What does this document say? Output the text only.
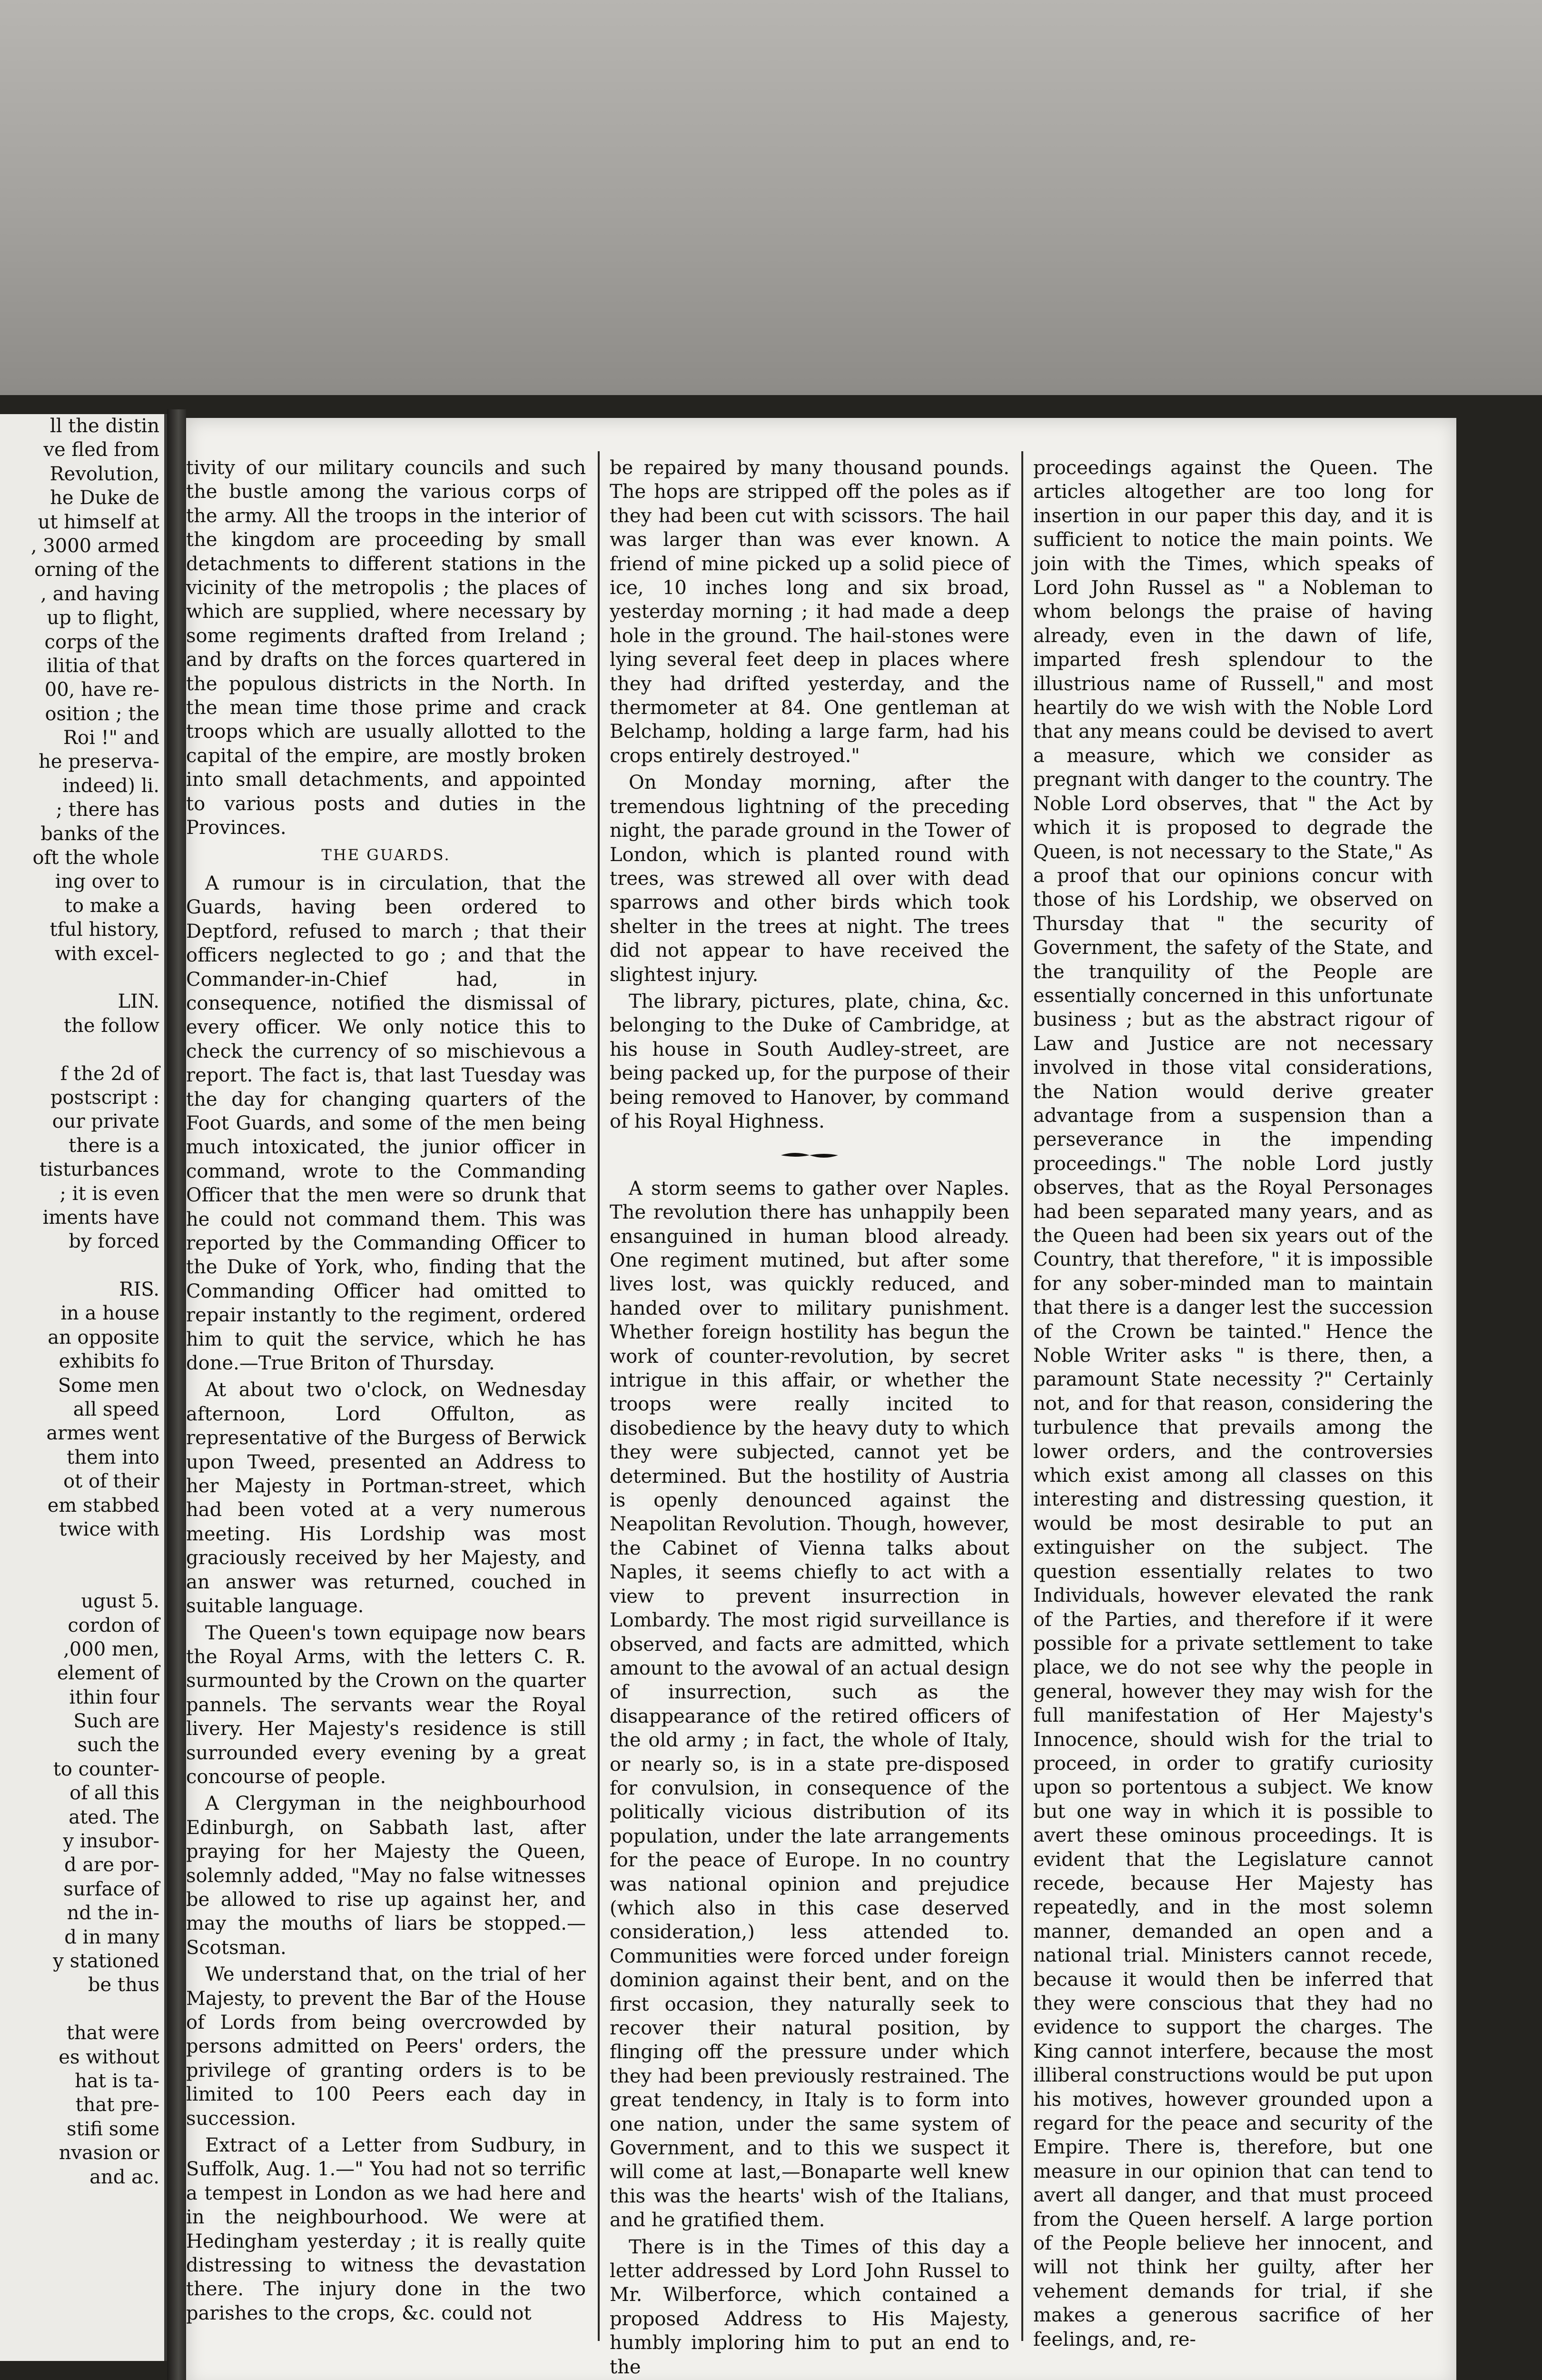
ll the distin
ve fled from
Revolution,
he Duke de
ut himself at
, 3000 armed
orning of the
, and having
up to flight,
corps of the
ilitia of that
00, have re-
osition ; the
Roi !" and
he preserva-
indeed) li.
; there has
banks of the
oft the whole
ing over to
to make a
tful history,
with excel-
LIN.
the follow
f the 2d of
postscript :
our private
there is a
tisturbances
; it is even
iments have
by forced
RIS.
in a house
an opposite
exhibits fo
Some men
all speed
armes went
them into
ot of their
em stabbed
twice with
ugust 5.
cordon of
,000 men,
element of
ithin four
Such are
such the
to counter-
of all this
ated. The
y insubor-
d are por-
surface of
nd the in-
d in many
y stationed
be thus
that were
es without
hat is ta-
that pre-
stifi some
nvasion or
and ac.

tivity of our military councils and such the bustle among the various corps of the army. All the troops in the interior of the kingdom are proceeding by small detachments to different stations in the vicinity of the metropolis ; the places of which are supplied, where necessary by some regiments drafted from Ireland ; and by drafts on the forces quartered in the populous districts in the North. In the mean time those prime and crack troops which are usually allotted to the capital of the empire, are mostly broken into small detachments, and appointed to various posts and duties in the Provinces.

THE GUARDS.

A rumour is in circulation, that the Guards, having been ordered to Deptford, refused to march ; that their officers neglected to go ; and that the Commander-in-Chief had, in consequence, notified the dismissal of every officer. We only notice this to check the currency of so mischievous a report. The fact is, that last Tuesday was the day for changing quarters of the Foot Guards, and some of the men being much intoxicated, the junior officer in command, wrote to the Commanding Officer that the men were so drunk that he could not command them. This was reported by the Commanding Officer to the Duke of York, who, finding that the Commanding Officer had omitted to repair instantly to the regiment, ordered him to quit the service, which he has done.—True Briton of Thursday.

At about two o'clock, on Wednesday afternoon, Lord Offulton, as representative of the Burgess of Berwick upon Tweed, presented an Address to her Majesty in Portman-street, which had been voted at a very numerous meeting. His Lordship was most graciously received by her Majesty, and an answer was returned, couched in suitable language.

The Queen's town equipage now bears the Royal Arms, with the letters C. R. surmounted by the Crown on the quarter pannels. The servants wear the Royal livery. Her Majesty's residence is still surrounded every evening by a great concourse of people.

A Clergyman in the neighbourhood Edinburgh, on Sabbath last, after praying for her Majesty the Queen, solemnly added, "May no false witnesses be allowed to rise up against her, and may the mouths of liars be stopped.—Scotsman.

We understand that, on the trial of her Majesty, to prevent the Bar of the House of Lords from being overcrowded by persons admitted on Peers' orders, the privilege of granting orders is to be limited to 100 Peers each day in succession.

Extract of a Letter from Sudbury, in Suffolk, Aug. 1.—" You had not so terrific a tempest in London as we had here and in the neighbourhood. We were at Hedingham yesterday ; it is really quite distressing to witness the devastation there. The injury done in the two parishes to the crops, &c. could not

be repaired by many thousand pounds. The hops are stripped off the poles as if they had been cut with scissors. The hail was larger than was ever known. A friend of mine picked up a solid piece of ice, 10 inches long and six broad, yesterday morning ; it had made a deep hole in the ground. The hail-stones were lying several feet deep in places where they had drifted yesterday, and the thermometer at 84. One gentleman at Belchamp, holding a large farm, had his crops entirely destroyed."

On Monday morning, after the tremendous lightning of the preceding night, the parade ground in the Tower of London, which is planted round with trees, was strewed all over with dead sparrows and other birds which took shelter in the trees at night. The trees did not appear to have received the slightest injury.

The library, pictures, plate, china, &c. belonging to the Duke of Cambridge, at his house in South Audley-street, are being packed up, for the purpose of their being removed to Hanover, by command of his Royal Highness.

A storm seems to gather over Naples. The revolution there has unhappily been ensanguined in human blood already. One regiment mutined, but after some lives lost, was quickly reduced, and handed over to military punishment. Whether foreign hostility has begun the work of counter-revolution, by secret intrigue in this affair, or whether the troops were really incited to disobedience by the heavy duty to which they were subjected, cannot yet be determined. But the hostility of Austria is openly denounced against the Neapolitan Revolution. Though, however, the Cabinet of Vienna talks about Naples, it seems chiefly to act with a view to prevent insurrection in Lombardy. The most rigid surveillance is observed, and facts are admitted, which amount to the avowal of an actual design of insurrection, such as the disappearance of the retired officers of the old army ; in fact, the whole of Italy, or nearly so, is in a state pre-disposed for convulsion, in consequence of the politically vicious distribution of its population, under the late arrangements for the peace of Europe. In no country was national opinion and prejudice (which also in this case deserved consideration,) less attended to. Communities were forced under foreign dominion against their bent, and on the first occasion, they naturally seek to recover their natural position, by flinging off the pressure under which they had been previously restrained. The great tendency, in Italy is to form into one nation, under the same system of Government, and to this we suspect it will come at last,—Bonaparte well knew this was the hearts' wish of the Italians, and he gratified them.

There is in the Times of this day a letter addressed by Lord John Russel to Mr. Wilberforce, which contained a proposed Address to His Majesty, humbly imploring him to put an end to the

proceedings against the Queen. The articles altogether are too long for insertion in our paper this day, and it is sufficient to notice the main points. We join with the Times, which speaks of Lord John Russel as " a Nobleman to whom belongs the praise of having already, even in the dawn of life, imparted fresh splendour to the illustrious name of Russell," and most heartily do we wish with the Noble Lord that any means could be devised to avert a measure, which we consider as pregnant with danger to the country. The Noble Lord observes, that " the Act by which it is proposed to degrade the Queen, is not necessary to the State," As a proof that our opinions concur with those of his Lordship, we observed on Thursday that " the security of Government, the safety of the State, and the tranquility of the People are essentially concerned in this unfortunate business ; but as the abstract rigour of Law and Justice are not necessary involved in those vital considerations, the Nation would derive greater advantage from a suspension than a perseverance in the impending proceedings." The noble Lord justly observes, that as the Royal Personages had been separated many years, and as the Queen had been six years out of the Country, that therefore, " it is impossible for any sober-minded man to maintain that there is a danger lest the succession of the Crown be tainted." Hence the Noble Writer asks " is there, then, a paramount State necessity ?" Certainly not, and for that reason, considering the turbulence that prevails among the lower orders, and the controversies which exist among all classes on this interesting and distressing question, it would be most desirable to put an extinguisher on the subject. The question essentially relates to two Individuals, however elevated the rank of the Parties, and therefore if it were possible for a private settlement to take place, we do not see why the people in general, however they may wish for the full manifestation of Her Majesty's Innocence, should wish for the trial to proceed, in order to gratify curiosity upon so portentous a subject. We know but one way in which it is possible to avert these ominous proceedings. It is evident that the Legislature cannot recede, because Her Majesty has repeatedly, and in the most solemn manner, demanded an open and a national trial. Ministers cannot recede, because it would then be inferred that they were conscious that they had no evidence to support the charges. The King cannot interfere, because the most illiberal constructions would be put upon his motives, however grounded upon a regard for the peace and security of the Empire. There is, therefore, but one measure in our opinion that can tend to avert all danger, and that must proceed from the Queen herself. A large portion of the People believe her innocent, and will not think her guilty, after her vehement demands for trial, if she makes a generous sacrifice of her feelings, and, re-
